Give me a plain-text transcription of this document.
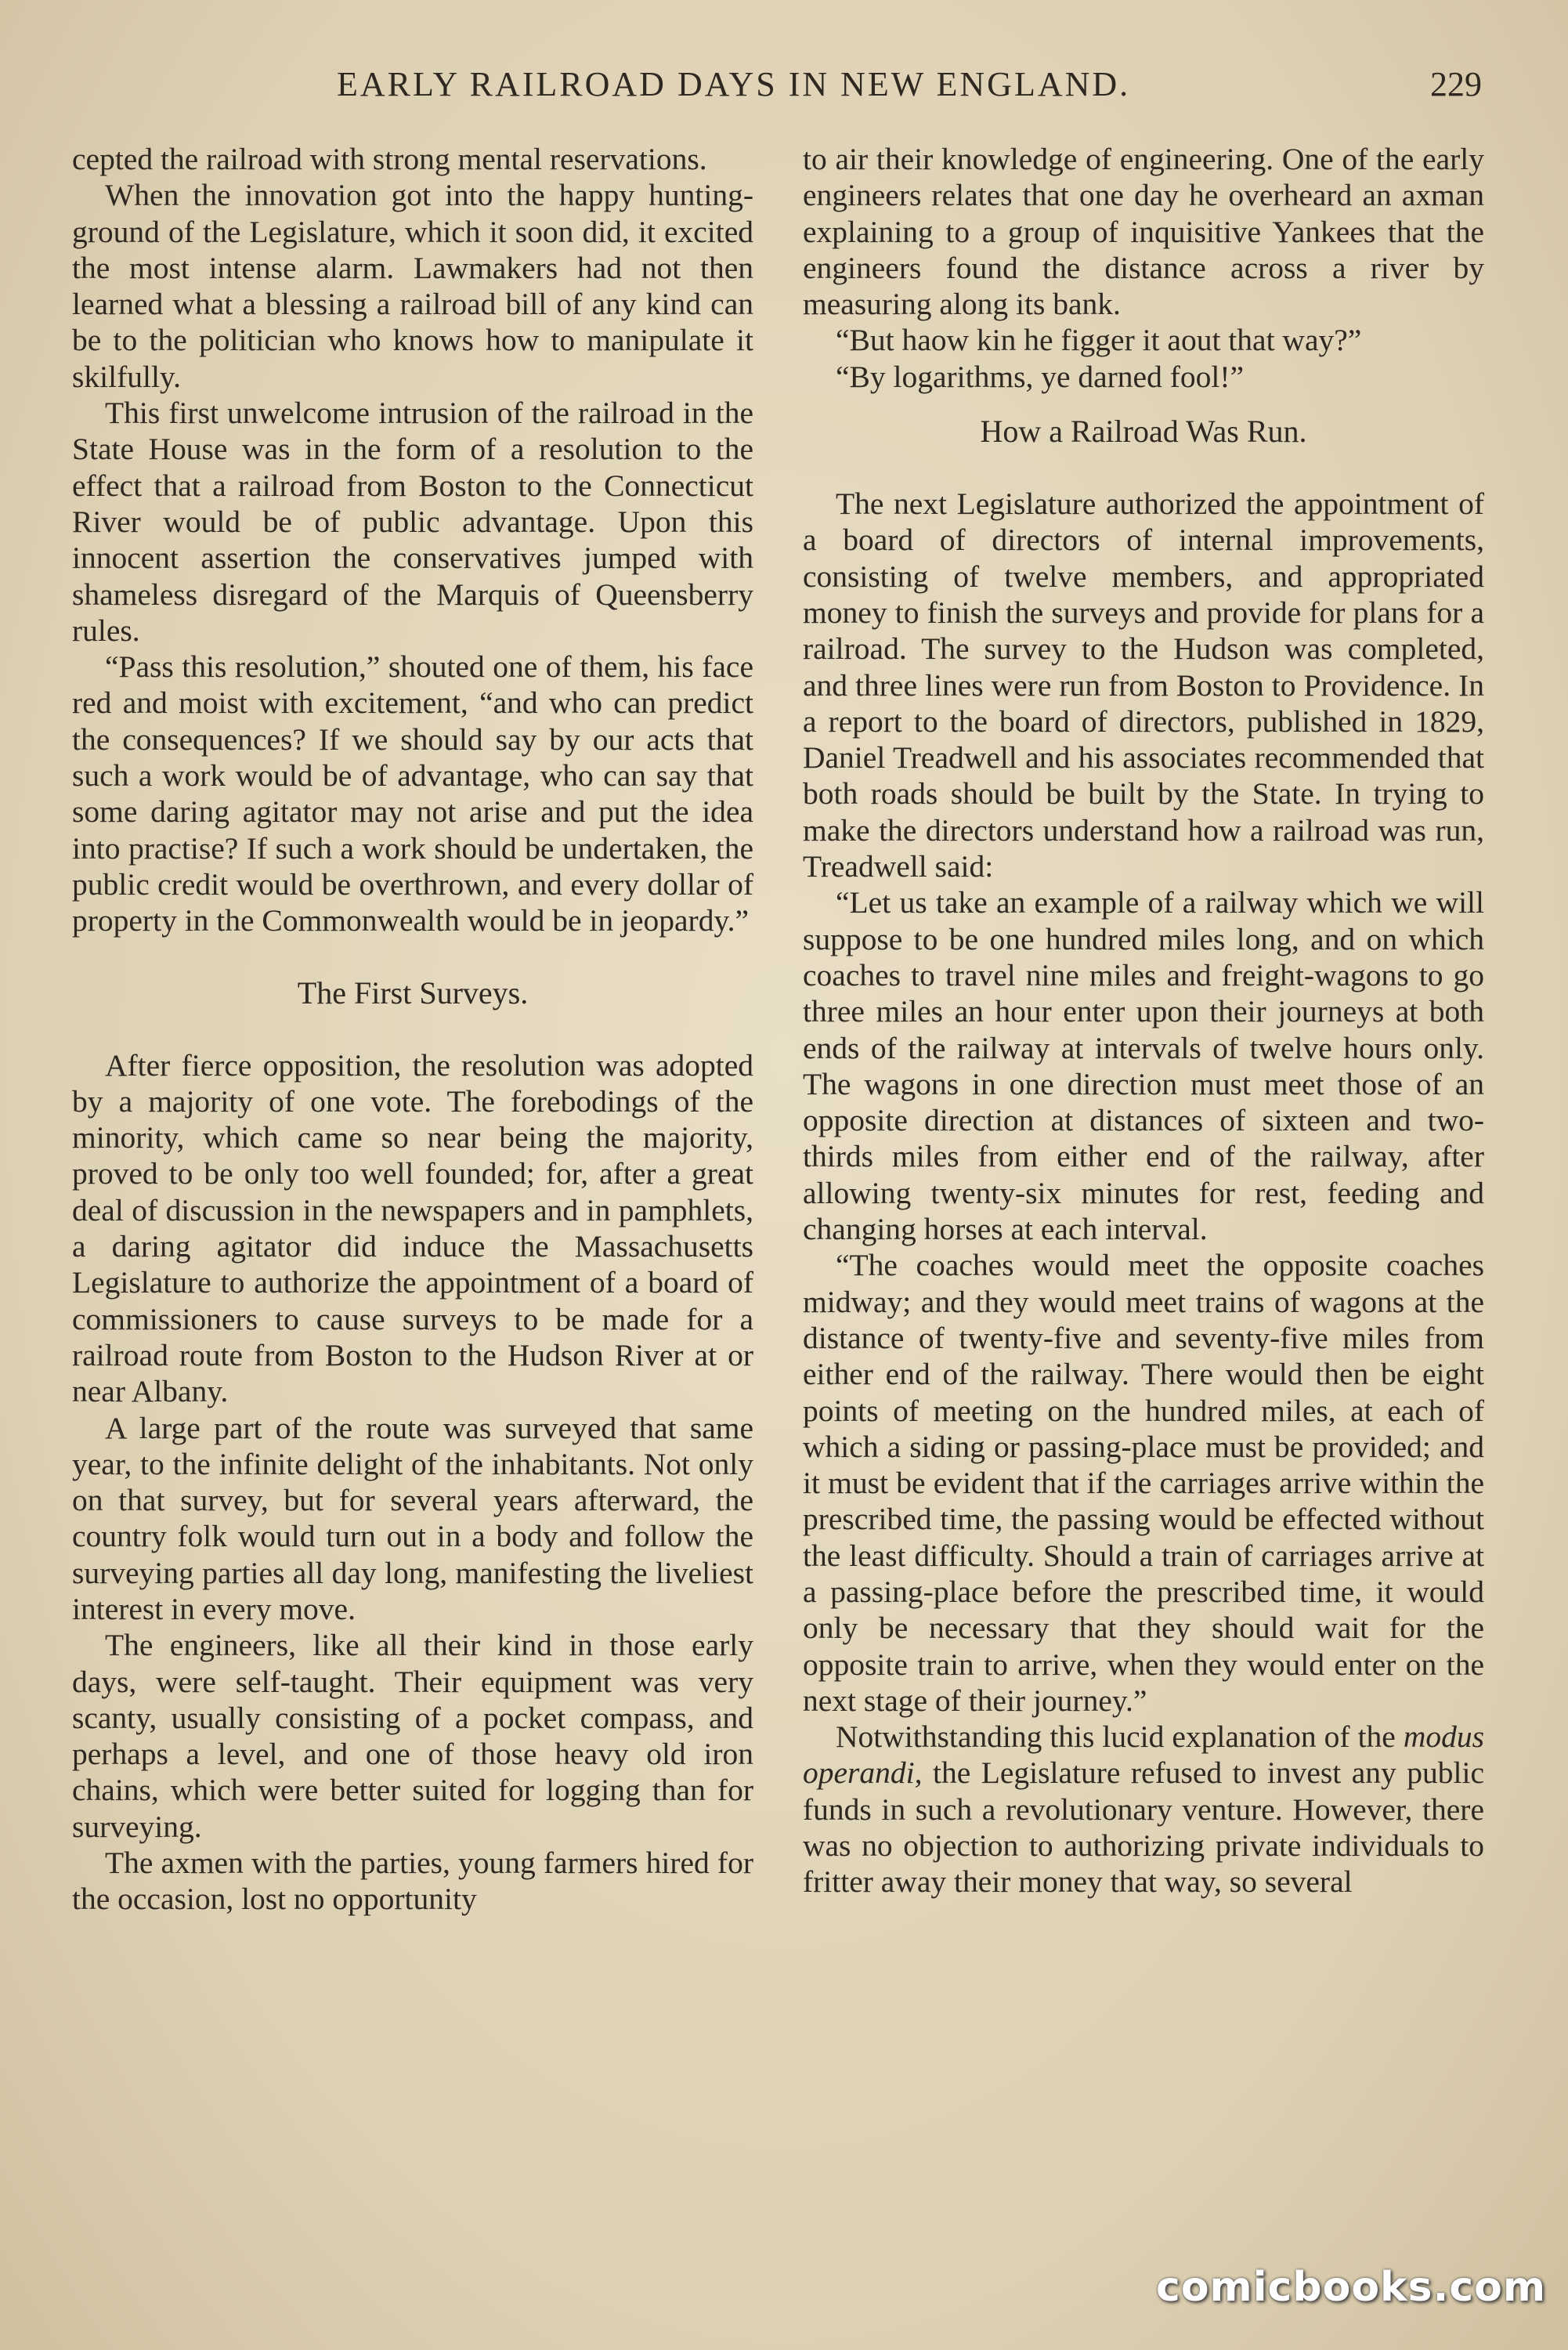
EARLY RAILROAD DAYS IN NEW ENGLAND.	229

cepted the railroad with strong mental reservations.

When the innovation got into the happy hunting-ground of the Legislature, which it soon did, it excited the most intense alarm. Lawmakers had not then learned what a blessing a railroad bill of any kind can be to the politician who knows how to manipulate it skilfully.

This first unwelcome intrusion of the railroad in the State House was in the form of a resolution to the effect that a railroad from Boston to the Connecticut River would be of public advantage. Upon this innocent assertion the conservatives jumped with shameless disregard of the Marquis of Queensberry rules.

“Pass this resolution,” shouted one of them, his face red and moist with excitement, “and who can predict the consequences? If we should say by our acts that such a work would be of advantage, who can say that some daring agitator may not arise and put the idea into practise? If such a work should be undertaken, the public credit would be overthrown, and every dollar of property in the Commonwealth would be in jeopardy.”

The First Surveys.

After fierce opposition, the resolution was adopted by a majority of one vote. The forebodings of the minority, which came so near being the majority, proved to be only too well founded; for, after a great deal of discussion in the newspapers and in pamphlets, a daring agitator did induce the Massachusetts Legislature to authorize the appointment of a board of commissioners to cause surveys to be made for a railroad route from Boston to the Hudson River at or near Albany.

A large part of the route was surveyed that same year, to the infinite delight of the inhabitants. Not only on that survey, but for several years afterward, the country folk would turn out in a body and follow the surveying parties all day long, manifesting the liveliest interest in every move.

The engineers, like all their kind in those early days, were self-taught. Their equipment was very scanty, usually consisting of a pocket compass, and perhaps a level, and one of those heavy old iron chains, which were better suited for logging than for surveying.

The axmen with the parties, young farmers hired for the occasion, lost no opportunity

to air their knowledge of engineering. One of the early engineers relates that one day he overheard an axman explaining to a group of inquisitive Yankees that the engineers found the distance across a river by measuring along its bank.

“But haow kin he figger it aout that way?”

“By logarithms, ye darned fool!”

How a Railroad Was Run.

The next Legislature authorized the appointment of a board of directors of internal improvements, consisting of twelve members, and appropriated money to finish the surveys and provide for plans for a railroad. The survey to the Hudson was completed, and three lines were run from Boston to Providence. In a report to the board of directors, published in 1829, Daniel Treadwell and his associates recommended that both roads should be built by the State. In trying to make the directors understand how a railroad was run, Treadwell said:

“Let us take an example of a railway which we will suppose to be one hundred miles long, and on which coaches to travel nine miles and freight-wagons to go three miles an hour enter upon their journeys at both ends of the railway at intervals of twelve hours only. The wagons in one direction must meet those of an opposite direction at distances of sixteen and two-thirds miles from either end of the railway, after allowing twenty-six minutes for rest, feeding and changing horses at each interval.

“The coaches would meet the opposite coaches midway; and they would meet trains of wagons at the distance of twenty-five and seventy-five miles from either end of the railway. There would then be eight points of meeting on the hundred miles, at each of which a siding or passing-place must be provided; and it must be evident that if the carriages arrive within the prescribed time, the passing would be effected without the least difficulty. Should a train of carriages arrive at a passing-place before the prescribed time, it would only be necessary that they should wait for the opposite train to arrive, when they would enter on the next stage of their journey.”

Notwithstanding this lucid explanation of the modus operandi, the Legislature refused to invest any public funds in such a revolutionary venture. However, there was no objection to authorizing private individuals to fritter away their money that way, so several

comicbooks.com
